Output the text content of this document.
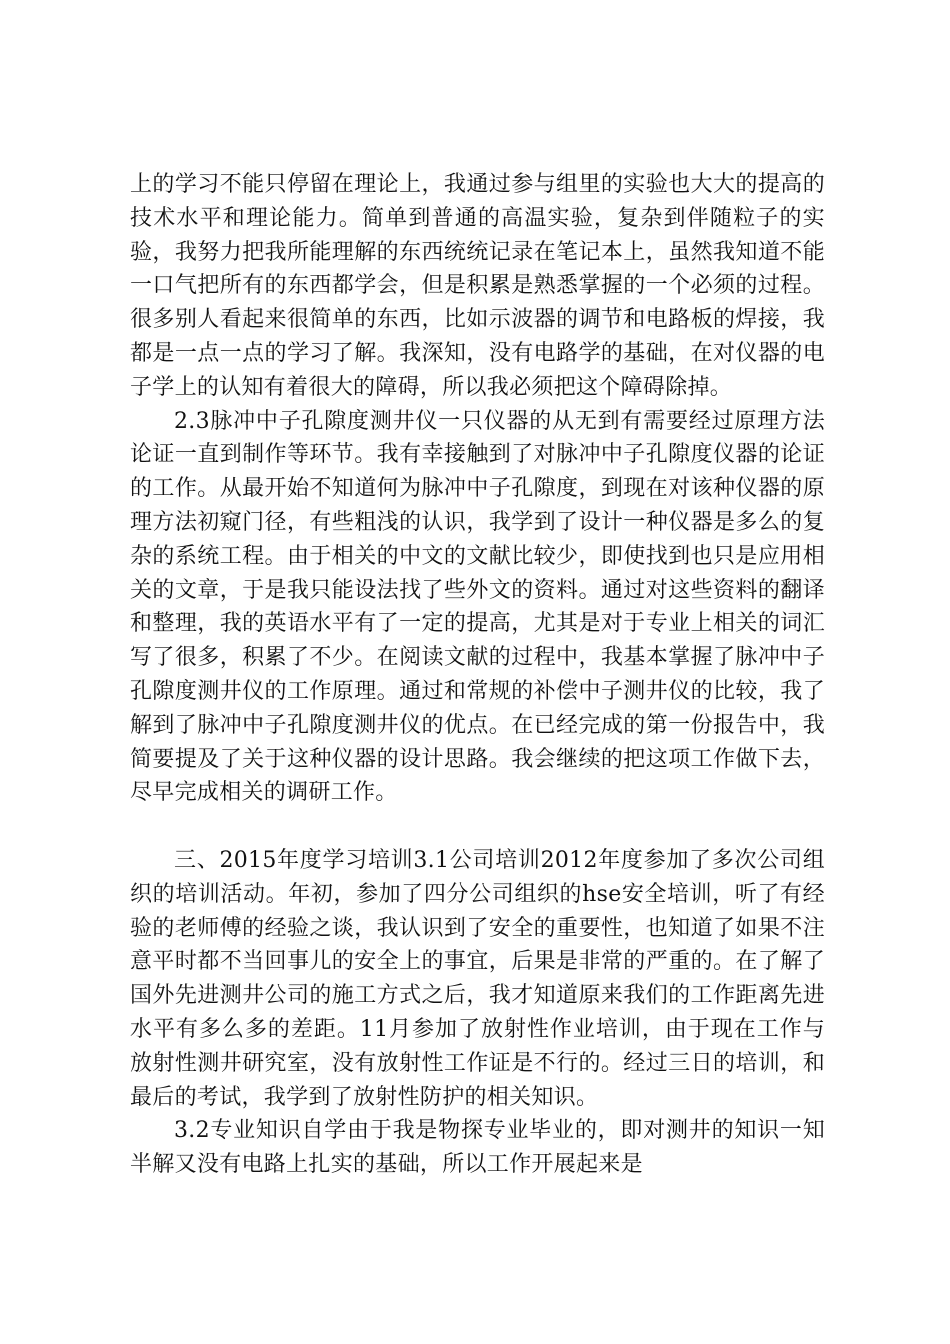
上的学习不能只停留在理论上，我通过参与组里的实验也大大的提高的技术水平和理论能力。简单到普通的高温实验，复杂到伴随粒子的实验，我努力把我所能理解的东西统统记录在笔记本上，虽然我知道不能一口气把所有的东西都学会，但是积累是熟悉掌握的一个必须的过程。很多别人看起来很简单的东西，比如示波器的调节和电路板的焊接，我都是一点一点的学习了解。我深知，没有电路学的基础，在对仪器的电子学上的认知有着很大的障碍，所以我必须把这个障碍除掉。

2.3脉冲中子孔隙度测井仪一只仪器的从无到有需要经过原理方法论证一直到制作等环节。我有幸接触到了对脉冲中子孔隙度仪器的论证的工作。从最开始不知道何为脉冲中子孔隙度，到现在对该种仪器的原理方法初窥门径，有些粗浅的认识，我学到了设计一种仪器是多么的复杂的系统工程。由于相关的中文的文献比较少，即使找到也只是应用相关的文章，于是我只能设法找了些外文的资料。通过对这些资料的翻译和整理，我的英语水平有了一定的提高，尤其是对于专业上相关的词汇写了很多，积累了不少。在阅读文献的过程中，我基本掌握了脉冲中子孔隙度测井仪的工作原理。通过和常规的补偿中子测井仪的比较，我了解到了脉冲中子孔隙度测井仪的优点。在已经完成的第一份报告中，我简要提及了关于这种仪器的设计思路。我会继续的把这项工作做下去，尽早完成相关的调研工作。

三、2015年度学习培训3.1公司培训2012年度参加了多次公司组织的培训活动。年初，参加了四分公司组织的hse安全培训，听了有经验的老师傅的经验之谈，我认识到了安全的重要性，也知道了如果不注意平时都不当回事儿的安全上的事宜，后果是非常的严重的。在了解了国外先进测井公司的施工方式之后，我才知道原来我们的工作距离先进水平有多么多的差距。11月参加了放射性作业培训，由于现在工作与放射性测井研究室，没有放射性工作证是不行的。经过三日的培训，和最后的考试，我学到了放射性防护的相关知识。

3.2专业知识自学由于我是物探专业毕业的，即对测井的知识一知半解又没有电路上扎实的基础，所以工作开展起来是
